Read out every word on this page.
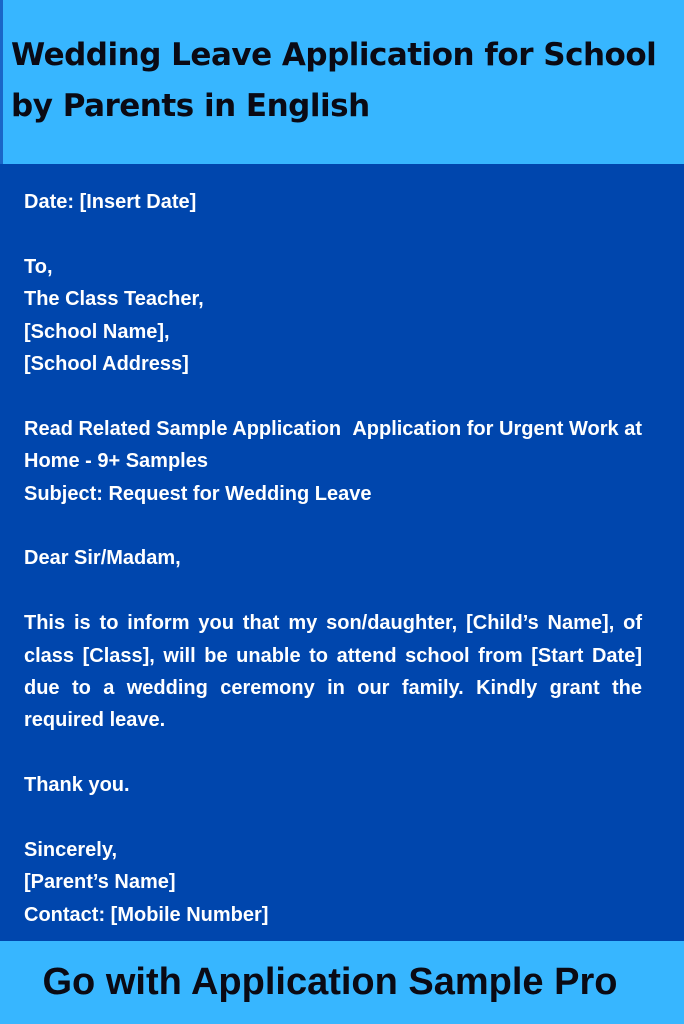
Wedding Leave Application for School by Parents in English
Date: [Insert Date]
To,
The Class Teacher,
[School Name],
[School Address]
Read Related Sample Application Application for Urgent Work at Home - 9+ Samples
Subject: Request for Wedding Leave
Dear Sir/Madam,
This is to inform you that my son/daughter, [Child’s Name], of class [Class], will be unable to attend school from [Start Date] due to a wedding ceremony in our family. Kindly grant the required leave.
Thank you.
Sincerely,
[Parent’s Name]
Contact: [Mobile Number]

Go with Application Sample Pro
